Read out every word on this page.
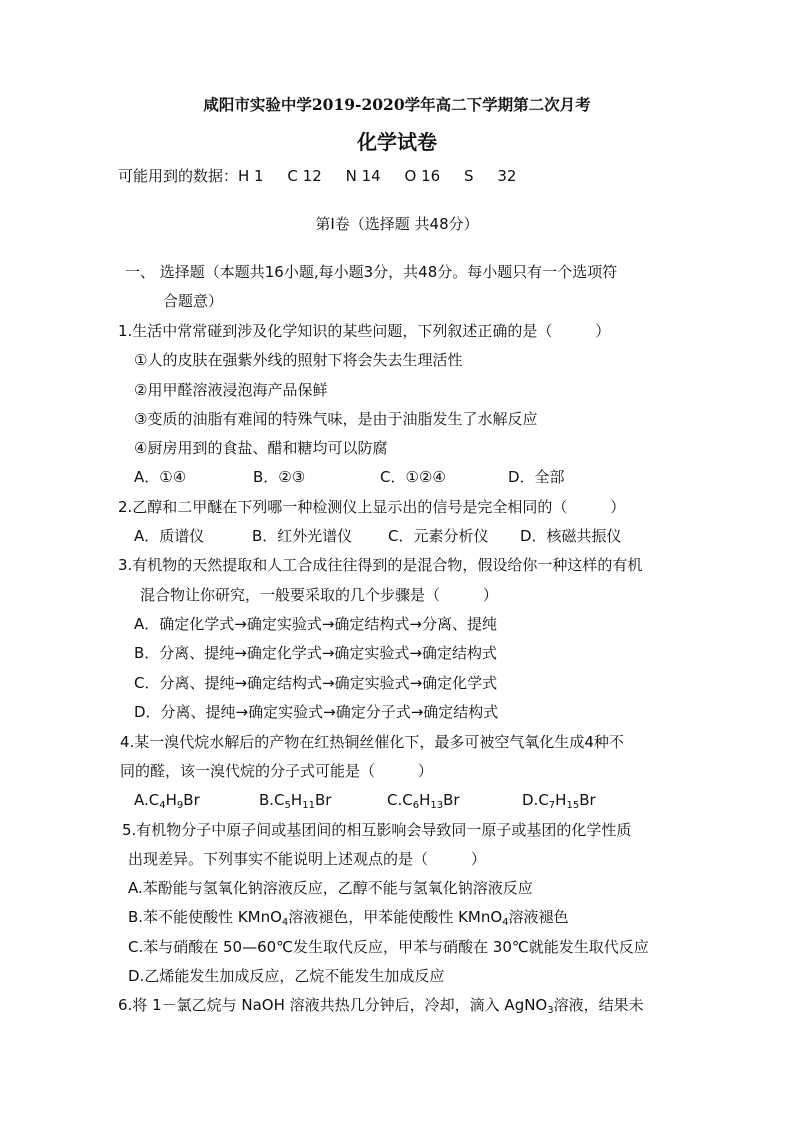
咸阳市实验中学2019-2020学年高二下学期第二次月考
化学试卷
可能用到的数据：H 1     C 12     N 14     O 16     S     32
第Ⅰ卷（选择题 共48分）
一、 选择题（本题共16小题,每小题3分，共48分。每小题只有一个选项符
合题意）
1.生活中常常碰到涉及化学知识的某些问题，下列叙述正确的是（         ）
①人的皮肤在强紫外线的照射下将会失去生理活性
②用甲醛溶液浸泡海产品保鲜
③变质的油脂有难闻的特殊气味，是由于油脂发生了水解反应
④厨房用到的食盐、醋和糖均可以防腐
A．①④	B．②③	C．①②④	D．全部
2.乙醇和二甲醚在下列哪一种检测仪上显示出的信号是完全相同的（         ）
A．质谱仪	B．红外光谱仪 C．元素分析仪 D．核磁共振仪
3.有机物的天然提取和人工合成往往得到的是混合物，假设给你一种这样的有机
混合物让你研究，一般要采取的几个步骤是（         ）
A．确定化学式→确定实验式→确定结构式→分离、提纯
B．分离、提纯→确定化学式→确定实验式→确定结构式
C．分离、提纯→确定结构式→确定实验式→确定化学式
D．分离、提纯→确定实验式→确定分子式→确定结构式
4.某一溴代烷水解后的产物在红热铜丝催化下，最多可被空气氧化生成4种不
同的醛，该一溴代烷的分子式可能是（         ）
$A.C_4H_9Br$	$B.C_5H_{11}Br$	$C.C_6H_{13}Br$	$D.C_7H_{15}Br$
5.有机物分子中原子间或基团间的相互影响会导致同一原子或基团的化学性质
出现差异。下列事实不能说明上述观点的是（         ）
A.苯酚能与氢氧化钠溶液反应，乙醇不能与氢氧化钠溶液反应
B.苯不能使酸性 KMnO$_4$溶液褪色，甲苯能使酸性 KMnO$_4$溶液褪色
C.苯与硝酸在 50—60℃发生取代反应，甲苯与硝酸在 30℃就能发生取代反应
D.乙烯能发生加成反应，乙烷不能发生加成反应
6.将 1－氯乙烷与 NaOH 溶液共热几分钟后，冷却，滴入 AgNO$_3$溶液，结果未
